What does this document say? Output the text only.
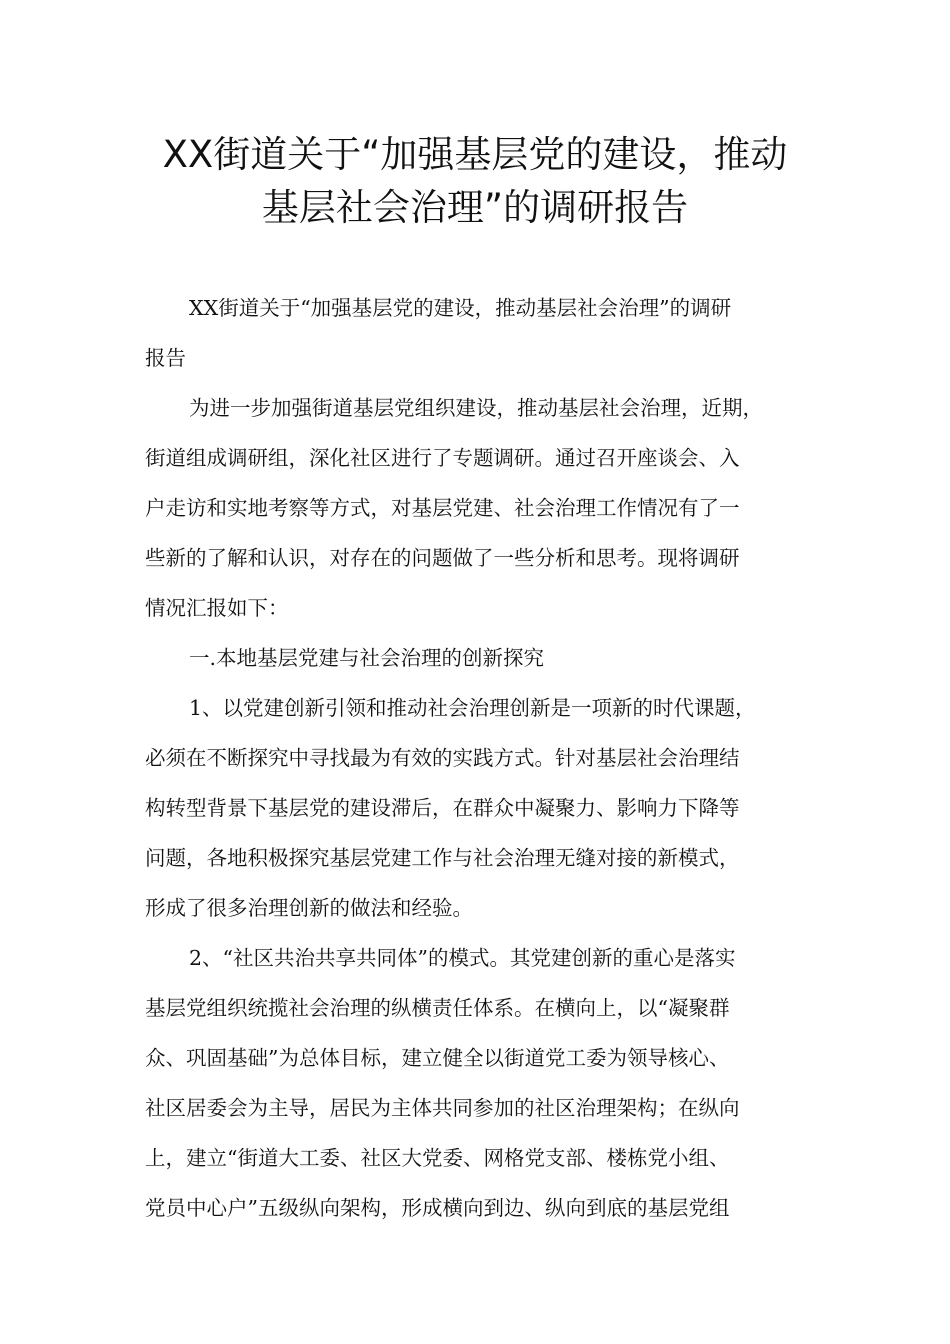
XX街道关于“加强基层党的建设，推动
基层社会治理”的调研报告
XX街道关于“加强基层党的建设，推动基层社会治理”的调研
报告
为进一步加强街道基层党组织建设，推动基层社会治理，近期，
街道组成调研组，深化社区进行了专题调研。通过召开座谈会、入
户走访和实地考察等方式，对基层党建、社会治理工作情况有了一
些新的了解和认识，对存在的问题做了一些分析和思考。现将调研
情况汇报如下：
一.本地基层党建与社会治理的创新探究
1、以党建创新引领和推动社会治理创新是一项新的时代课题，
必须在不断探究中寻找最为有效的实践方式。针对基层社会治理结
构转型背景下基层党的建设滞后，在群众中凝聚力、影响力下降等
问题，各地积极探究基层党建工作与社会治理无缝对接的新模式，
形成了很多治理创新的做法和经验。
2、“社区共治共享共同体”的模式。其党建创新的重心是落实
基层党组织统揽社会治理的纵横责任体系。在横向上，以“凝聚群
众、巩固基础”为总体目标，建立健全以街道党工委为领导核心、
社区居委会为主导，居民为主体共同参加的社区治理架构；在纵向
上，建立“街道大工委、社区大党委、网格党支部、楼栋党小组、
党员中心户”五级纵向架构，形成横向到边、纵向到底的基层党组
